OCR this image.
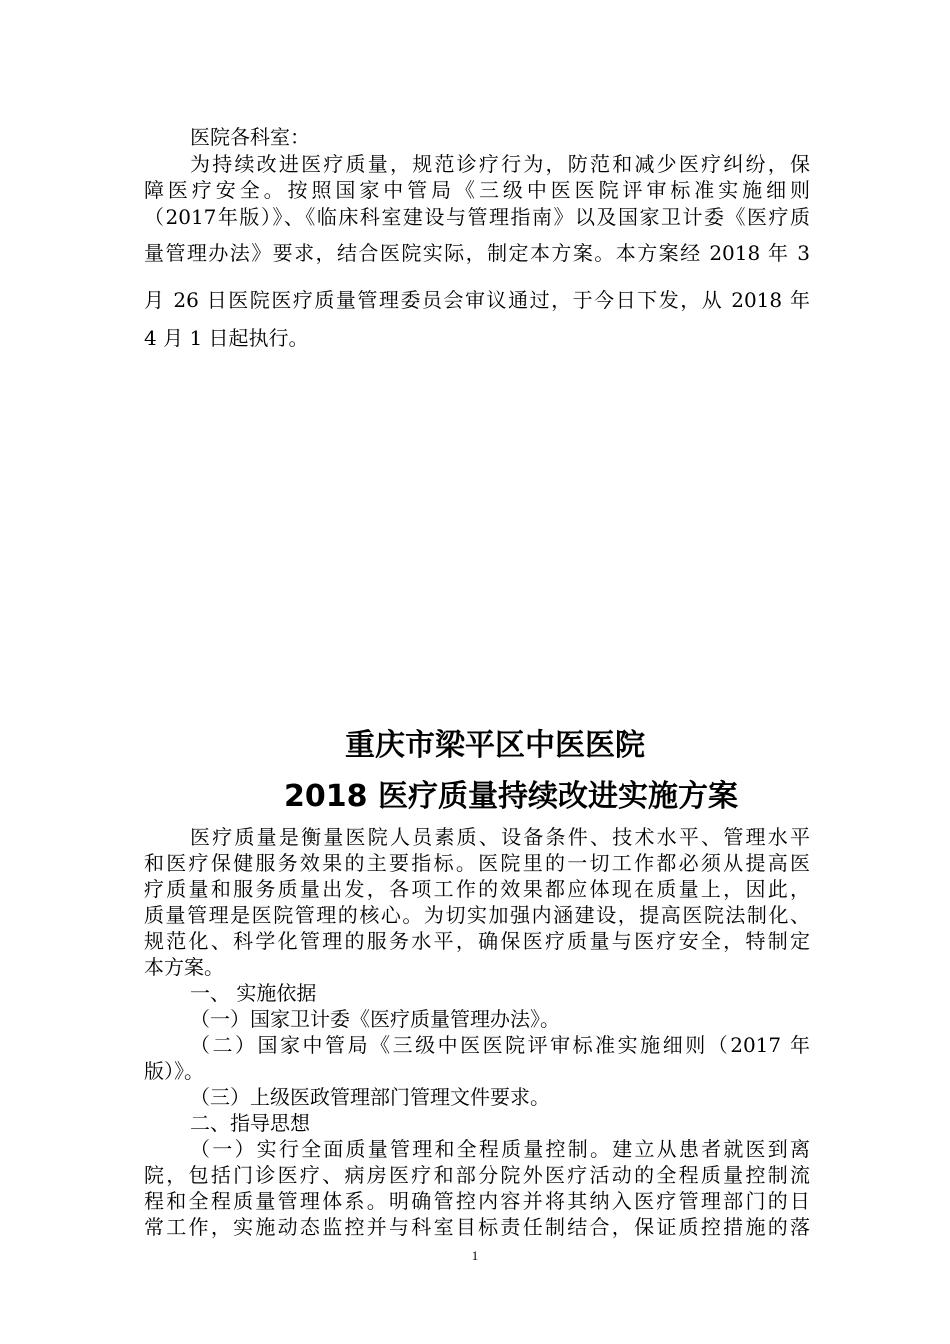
医院各科室：
为持续改进医疗质量，规范诊疗行为，防范和减少医疗纠纷，保
障医疗安全。按照国家中管局《三级中医医院评审标准实施细则
（2017年版）》、《临床科室建设与管理指南》以及国家卫计委《医疗质
量管理办法》要求，结合医院实际，制定本方案。本方案经 2018 年 3
月 26 日医院医疗质量管理委员会审议通过，于今日下发，从 2018 年
4 月 1 日起执行。
重庆市梁平区中医医院
2018 医疗质量持续改进实施方案
医疗质量是衡量医院人员素质、设备条件、技术水平、管理水平
和医疗保健服务效果的主要指标。医院里的一切工作都必须从提高医
疗质量和服务质量出发，各项工作的效果都应体现在质量上，因此，
质量管理是医院管理的核心。为切实加强内涵建设，提高医院法制化、
规范化、科学化管理的服务水平，确保医疗质量与医疗安全，特制定
本方案。
一、 实施依据
（一）国家卫计委《医疗质量管理办法》。
（二）国家中管局《三级中医医院评审标准实施细则（2017 年
版）》。
（三）上级医政管理部门管理文件要求。
二、指导思想
（一）实行全面质量管理和全程质量控制。建立从患者就医到离
院，包括门诊医疗、病房医疗和部分院外医疗活动的全程质量控制流
程和全程质量管理体系。明确管控内容并将其纳入医疗管理部门的日
常工作，实施动态监控并与科室目标责任制结合，保证质控措施的落
1
